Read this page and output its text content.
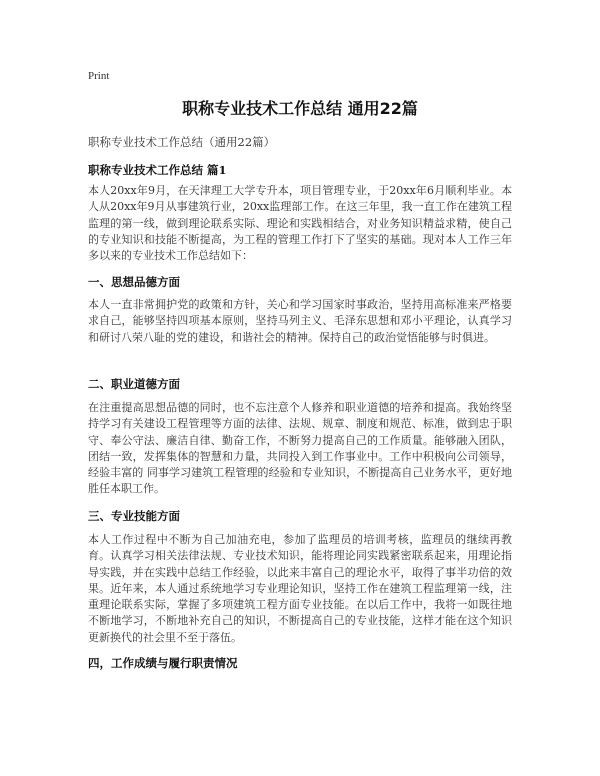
Print
职称专业技术工作总结 通用22篇
职称专业技术工作总结（通用22篇）
职称专业技术工作总结 篇1

本人20xx年9月，在天津理工大学专升本，项目管理专业，于20xx年6月顺利毕业。本人从20xx年9月从事建筑行业，20xx监理部工作。在这三年里，我一直工作在建筑工程监理的第一线，做到理论联系实际、理论和实践相结合，对业务知识精益求精，使自己的专业知识和技能不断提高，为工程的管理工作打下了坚实的基础。现对本人工作三年多以来的专业技术工作总结如下：

一、思想品德方面

本人一直非常拥护党的政策和方针，关心和学习国家时事政治，坚持用高标准来严格要求自己，能够坚持四项基本原则，坚持马列主义、毛泽东思想和邓小平理论，认真学习和研讨八荣八耻的党的建设，和谐社会的精神。保持自己的政治觉悟能够与时俱进。

二、职业道德方面

在注重提高思想品德的同时，也不忘注意个人修养和职业道德的培养和提高。我始终坚持学习有关建设工程管理等方面的法律、法规、规章、制度和规范、标准，做到忠于职守、奉公守法、廉洁自律、勤奋工作，不断努力提高自己的工作质量。能够融入团队，团结一致，发挥集体的智慧和力量，共同投入到工作事业中。工作中积极向公司领导，经验丰富的 同事学习建筑工程管理的经验和专业知识，不断提高自己业务水平，更好地胜任本职工作。

三、专业技能方面

本人工作过程中不断为自己加油充电，参加了监理员的培训考核，监理员的继续再教育。认真学习相关法律法规、专业技术知识，能将理论同实践紧密联系起来，用理论指导实践，并在实践中总结工作经验，以此来丰富自己的理论水平，取得了事半功倍的效果。近年来，本人通过系统地学习专业理论知识，坚持工作在建筑工程监理第一线，注重理论联系实际，掌握了多项建筑工程方面专业技能。在以后工作中，我将一如既往地不断地学习，不断地补充自己的知识，不断提高自己的专业技能，这样才能在这个知识更新换代的社会里不至于落伍。

四，工作成绩与履行职责情况
